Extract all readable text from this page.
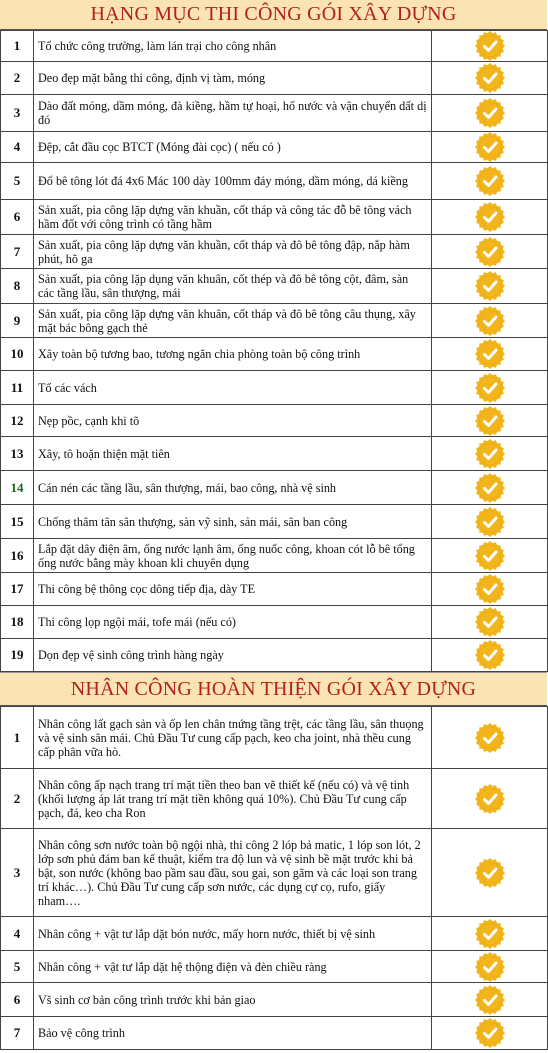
HẠNG MỤC THI CÔNG GÓI XÂY DỰNG
1	Tổ chức công trường, làm lán trại cho công nhân	
2	Deo đẹp mặt bằng thi công, định vị tàm, móng	
3	Dào đất móng, dầm móng, đà kiềng, hầm tự hoại, hố nước và vận chuyển dất dị đó	
4	Đệp, cắt đầu cọc BTCT (Móng đài cọc) ( nếu có )	
5	Đổ bê tông lót đá 4x6 Mác 100 dày 100mm đáy móng, dầm móng, dá kiềng	
6	Sản xuất, pia công lặp dựng văn khuần, cốt tháp và công tác đỗ bê tông vách hầm đốt với công trình có tầng hầm	
7	Sản xuất, pia công lặp dựng văn khuần, cốt tháp và đô bê tông đập, nắp hàm phút, hõ ga	
8	Sản xuất, pia công lặp dụng văn khuân, cốt thép và đô bê tông cột, đâm, sàn các tầng lầu, sân thượng, mái	
9	Sản xuất, pia công lặp dựng văn khuân, cốt tháp và đô bê tông câu thụng, xây mặt bác bông gạch thẻ	
10	Xây toàn bộ tương bao, tương ngăn chia phòng toàn bộ công trình	
11	Tố các vách	
12	Nẹp pồc, cạnh khi tõ	
13	Xây, tô hoặn thiện mặt tiên	
14	Cán nén các tầng lầu, sân thượng, mái, bao công, nhà vệ sinh	
15	Chống thâm tân sân thượng, sàn vỹ sinh, sản mái, sân ban công	
16	Lắp đặt dây điện âm, ống nước lạnh âm, ống nuốc công, khoan cót lỗ bê tổng ống nước bằng mày khoan kli chuyên dụng	
17	Thi công bệ thông cọc dông tiếp địa, dày TE	
18	Thi công lọp ngội mái, tofe mái (nếu có)	
19	Dọn đẹp vệ sinh công trình hàng ngày	
NHÂN CÔNG HOÀN THIỆN GÓI XÂY DỰNG
1	Nhân công lất gạch sản và ốp len chân tnứng tầng trệt, các tầng lầu, sân thuọng và vệ sinh sân mái. Chủ Đầu Tư cung cấp pạch, keo cha joint, nhà thều cung cấp phân vữa hò.	
2	Nhân công ấp nạch trang trí mặt tiền theo ban vẽ thiết kế (nếu có) và vệ tinh (khối lượng áp lát trang trí mặt tiền không quá 10%). Chủ Đầu Tư cung cấp pạch, đá, keo cha Ron	
3	Nhân công sơn nước toàn bộ ngội nhà, thi công 2 lóp bả matic, 1 lóp son lót, 2 lớp sơn phủ đám ban kế thuật, kiểm tra độ lun và vệ sinh bề mặt trước khi bả bật, son nước (không bao pầm sau đầu, sou gai, son gãm và các loại son trang trí khác…). Chủ Đầu Tư cung cấp sơn nước, các dụng cự cọ, rufo, giấy nham….	
4	Nhân công + vật tư lắp dặt bón nước, mấy horn nước, thiết bị vệ sinh	
5	Nhân công + vật tư lắp dặt hệ thộng điện và đèn chiều ràng	
6	Vš sinh cơ bản công trình trước khi bản giao	
7	Bảo vệ công trình	
